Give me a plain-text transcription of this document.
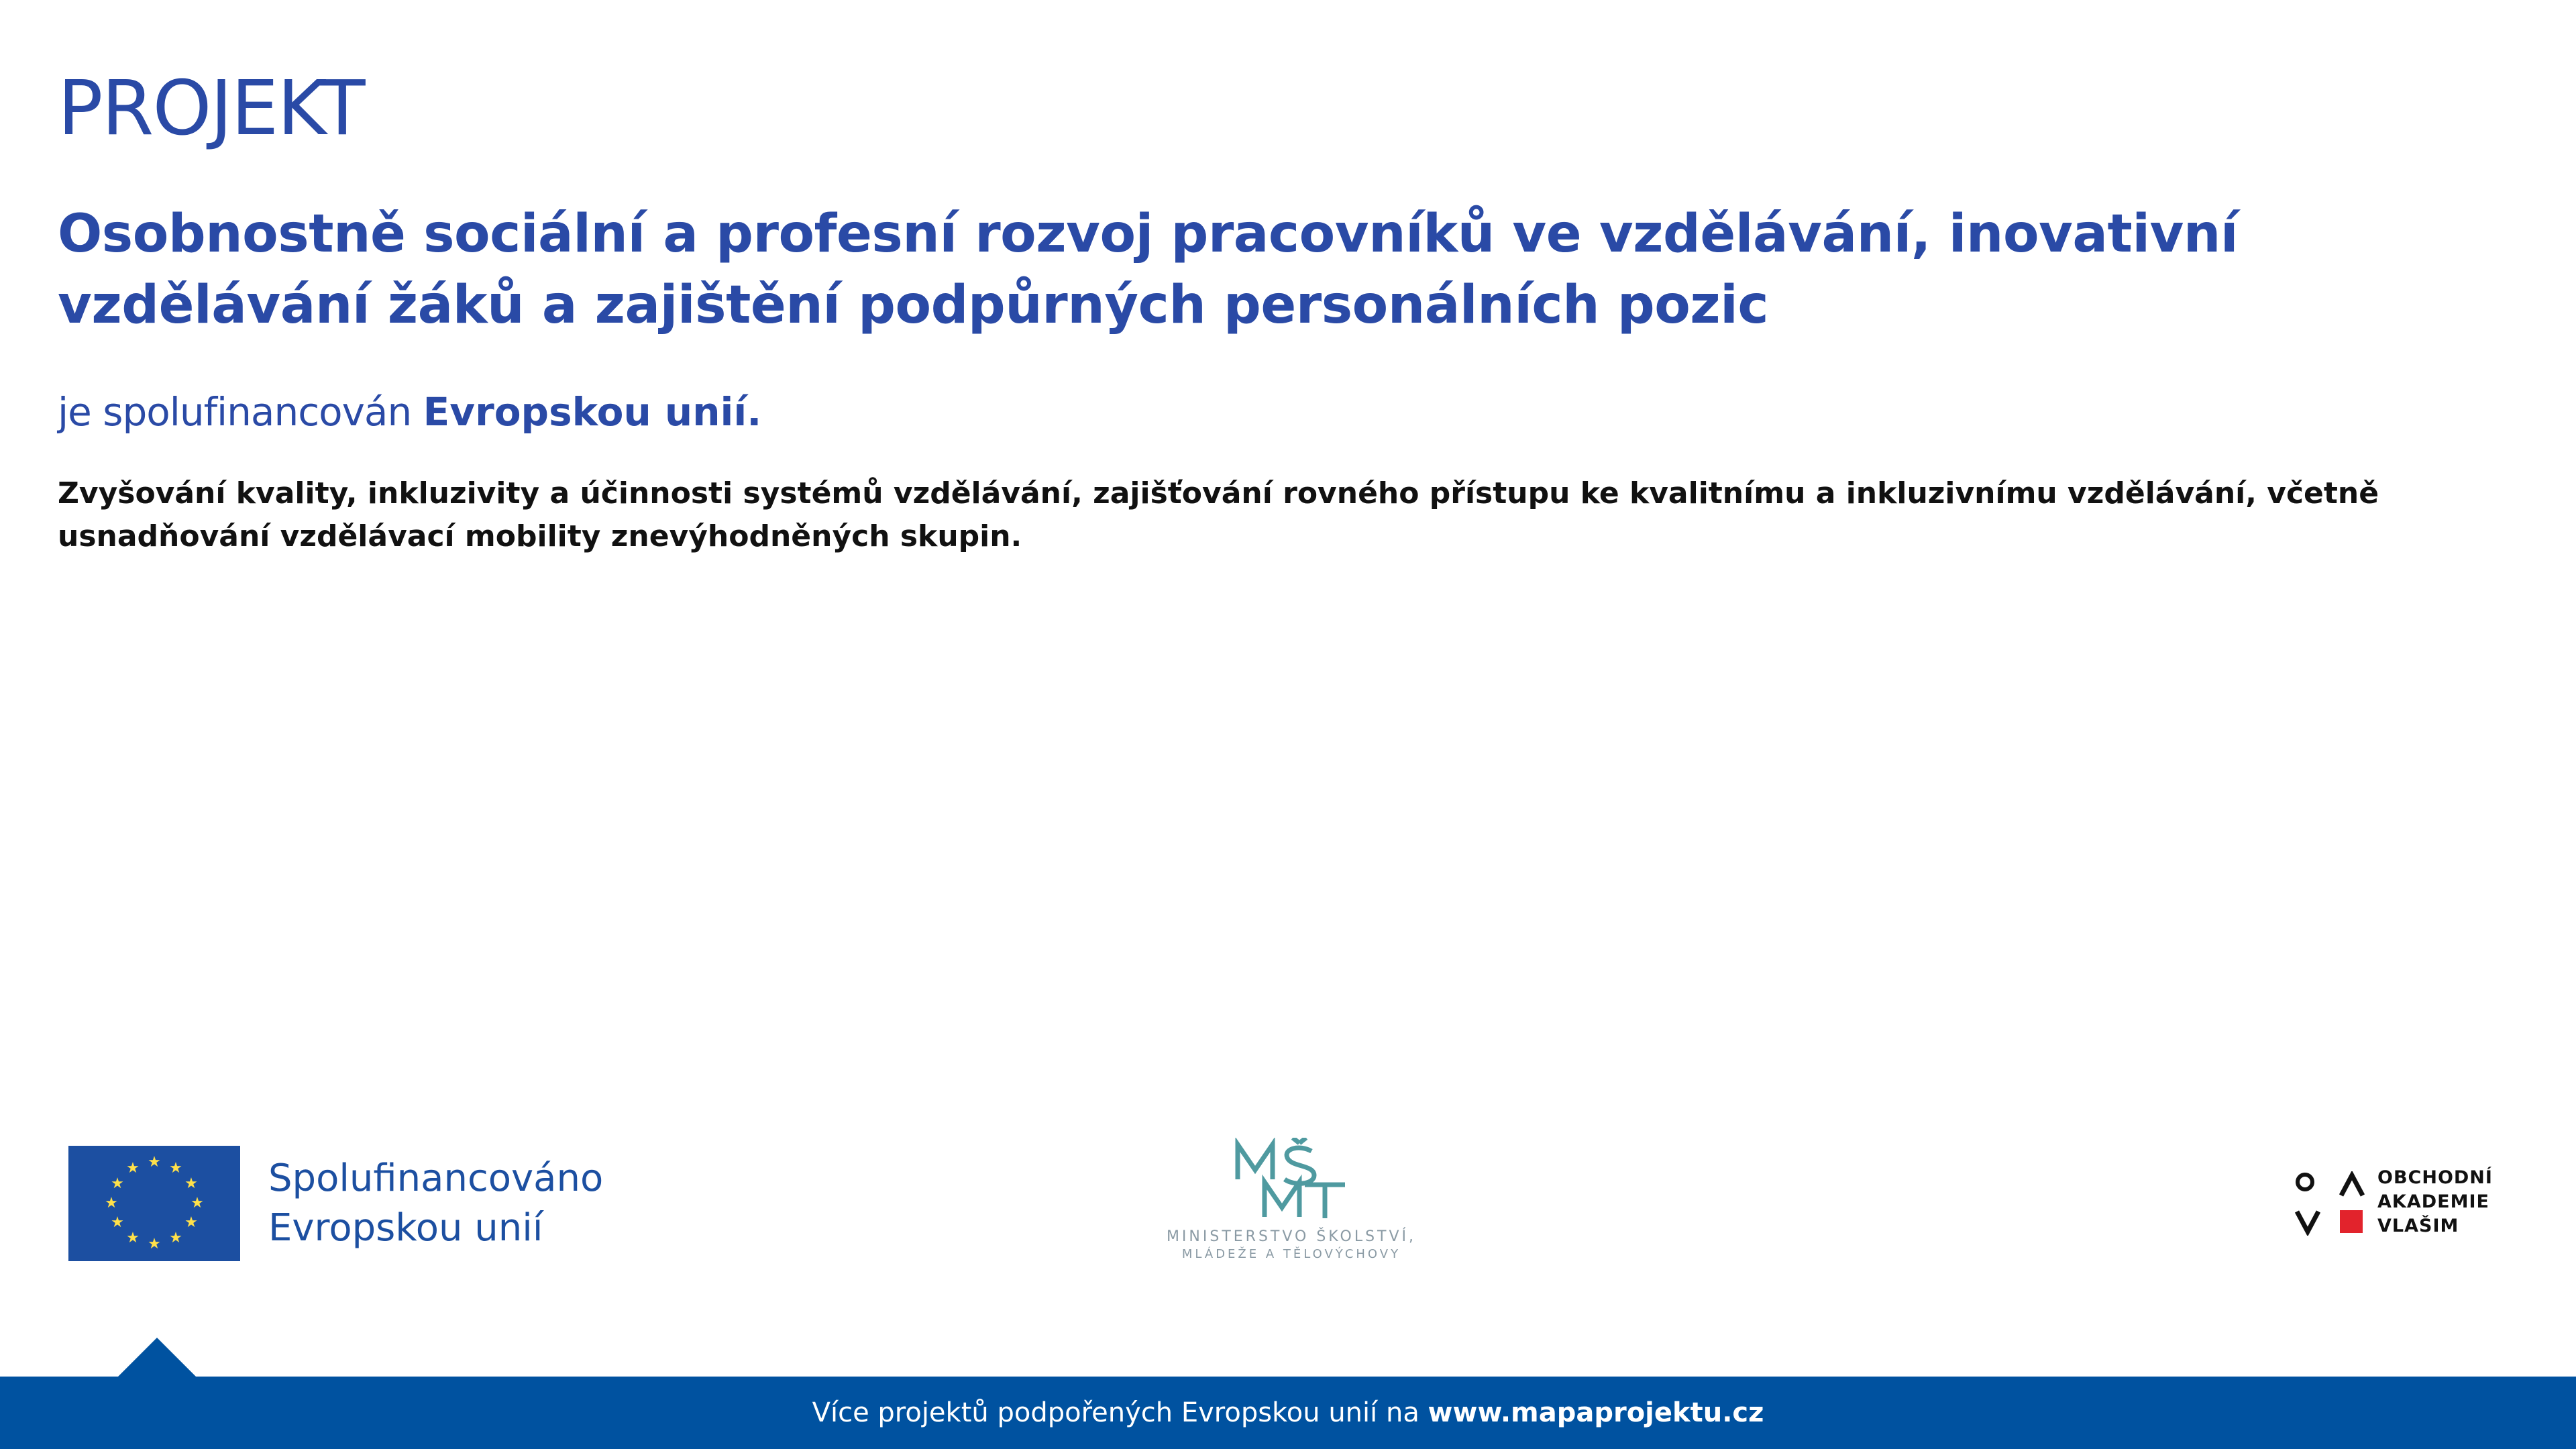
PROJEKT
Osobnostně sociální a profesní rozvoj pracovníků ve vzdělávání, inovativní vzdělávání žáků a zajištění podpůrných personálních pozic

je spolufinancován Evropskou unií.

Zvyšování kvality, inkluzivity a účinnosti systémů vzdělávání, zajišťování rovného přístupu ke kvalitnímu a inkluzivnímu vzdělávání, včetně usnadňování vzdělávací mobility znevýhodněných skupin.

★ ★
★
★
★
★
★
★
★
★
★
★	Spolufinancováno
Evropskou unií	MINISTERSTVO ŠKOLSTVÍ,
MLÁDEŽE A TĚLOVÝCHOVY
OBCHODNÍ
AKADEMIE
VLAŠIM
Více projektů podpořených Evropskou unií na www.mapaprojektu.cz
